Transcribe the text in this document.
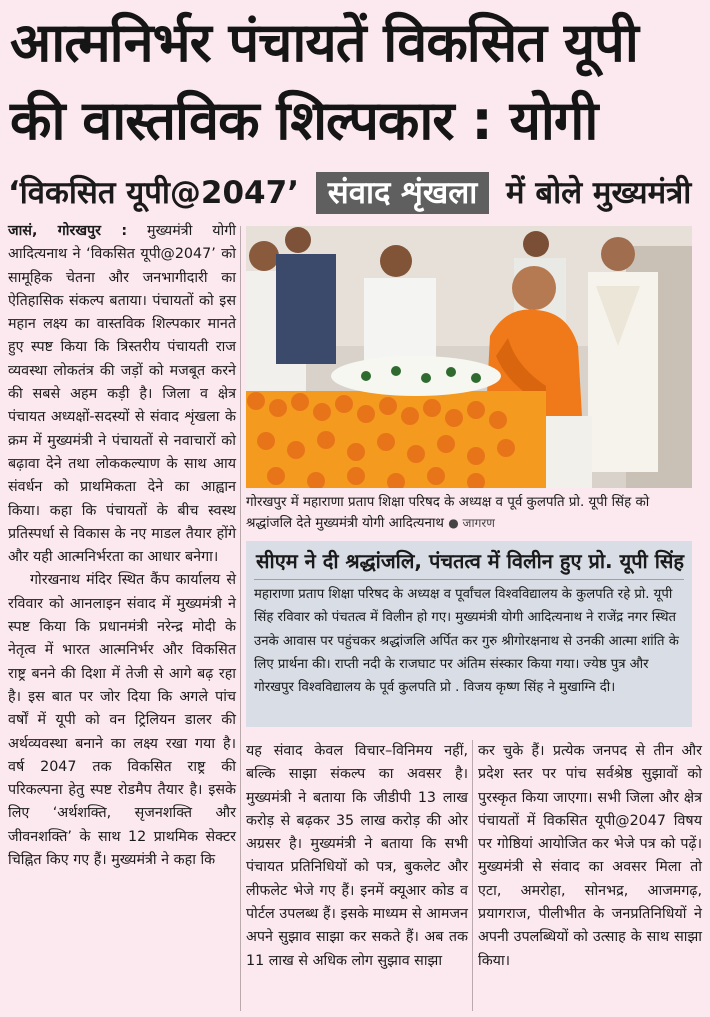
आत्मनिर्भर पंचायतें विकसित यूपी की वास्तविक शिल्पकार : योगी
‘विकसित यूपी@2047’ संवाद शृंखला में बोले मुख्यमंत्री

जासं, गोरखपुर : मुख्यमंत्री योगी आदित्यनाथ ने ‘विकसित यूपी@2047’ को सामूहिक चेतना और जनभागीदारी का ऐतिहासिक संकल्प बताया। पंचायतों को इस महान लक्ष्य का वास्तविक शिल्पकार मानते हुए स्पष्ट किया कि त्रिस्तरीय पंचायती राज व्यवस्था लोकतंत्र की जड़ों को मजबूत करने की सबसे अहम कड़ी है। जिला व क्षेत्र पंचायत अध्यक्षों-सदस्यों से संवाद शृंखला के क्रम में मुख्यमंत्री ने पंचायतों से नवाचारों को बढ़ावा देने तथा लोककल्याण के साथ आय संवर्धन को प्राथमिकता देने का आह्वान किया। कहा कि पंचायतों के बीच स्वस्थ प्रतिस्पर्धा से विकास के नए माडल तैयार होंगे और यही आत्मनिर्भरता का आधार बनेगा।

गोरखनाथ मंदिर स्थित कैंप कार्यालय से रविवार को आनलाइन संवाद में मुख्यमंत्री ने स्पष्ट किया कि प्रधानमंत्री नरेन्द्र मोदी के नेतृत्व में भारत आत्मनिर्भर और विकसित राष्ट्र बनने की दिशा में तेजी से आगे बढ़ रहा है। इस बात पर जोर दिया कि अगले पांच वर्षों में यूपी को वन ट्रिलियन डालर की अर्थव्यवस्था बनाने का लक्ष्य रखा गया है। वर्ष 2047 तक विकसित राष्ट्र की परिकल्पना हेतु स्पष्ट रोडमैप तैयार है। इसके लिए ‘अर्थशक्ति, सृजनशक्ति और जीवनशक्ति’ के साथ 12 प्राथमिक सेक्टर चिह्नित किए गए हैं। मुख्यमंत्री ने कहा कि

गोरखपुर में महाराणा प्रताप शिक्षा परिषद के अध्यक्ष व पूर्व कुलपति प्रो. यूपी सिंह को श्रद्धांजलि देते मुख्यमंत्री योगी आदित्यनाथ ● जागरण
सीएम ने दी श्रद्धांजलि, पंचतत्व में विलीन हुए प्रो. यूपी सिंह
महाराणा प्रताप शिक्षा परिषद के अध्यक्ष व पूर्वांचल विश्वविद्यालय के कुलपति रहे प्रो. यूपी सिंह रविवार को पंचतत्व में विलीन हो गए। मुख्यमंत्री योगी आदित्यनाथ ने राजेंद्र नगर स्थित उनके आवास पर पहुंचकर श्रद्धांजलि अर्पित कर गुरु श्रीगोरक्षनाथ से उनकी आत्मा शांति के लिए प्रार्थना की। राप्ती नदी के राजघाट पर अंतिम संस्कार किया गया। ज्येष्ठ पुत्र और गोरखपुर विश्वविद्यालय के पूर्व कुलपति प्रो . विजय कृष्ण सिंह ने मुखाग्नि दी।

यह संवाद केवल विचार–विनिमय नहीं, बल्कि साझा संकल्प का अवसर है। मुख्यमंत्री ने बताया कि जीडीपी 13 लाख करोड़ से बढ़कर 35 लाख करोड़ की ओर अग्रसर है। मुख्यमंत्री ने बताया कि सभी पंचायत प्रतिनिधियों को पत्र, बुकलेट और लीफलेट भेजे गए हैं। इनमें क्यूआर कोड व पोर्टल उपलब्ध हैं। इसके माध्यम से आमजन अपने सुझाव साझा कर सकते हैं। अब तक 11 लाख से अधिक लोग सुझाव साझा

कर चुके हैं। प्रत्येक जनपद से तीन और प्रदेश स्तर पर पांच सर्वश्रेष्ठ सुझावों को पुरस्कृत किया जाएगा। सभी जिला और क्षेत्र पंचायतों में विकसित यूपी@2047 विषय पर गोष्ठियां आयोजित कर भेजे पत्र को पढ़ें। मुख्यमंत्री से संवाद का अवसर मिला तो एटा, अमरोहा, सोनभद्र, आजमगढ़, प्रयागराज, पीलीभीत के जनप्रतिनिधियों ने अपनी उपलब्धियों को उत्साह के साथ साझा किया।
